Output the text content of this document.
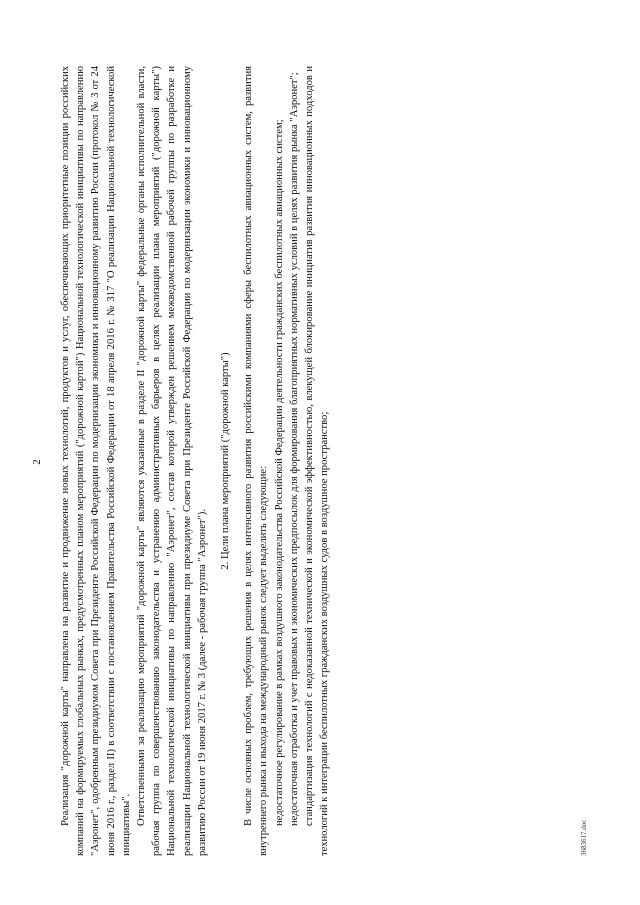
2 Реализация "дорожной карты" направлена на развитие и продвижение новых технологий, продуктов и услуг, обеспечивающих приоритетные позиции российских компаний на формируемых глобальных рынках, предусмотренных планом мероприятий ("дорожной картой") Национальной технологической инициативы по направлению "Аэронет", одобренным президиумом Совета при Президенте Российской Федерации по модернизации экономики и инновационному развитию России (протокол № 3 от 24 июня 2016 г., раздел II) в соответствии с постановлением Правительства Российской Федерации от 18 апреля 2016 г. № 317 "О реализации Национальной технологической инициативы". Ответственными за реализацию мероприятий "дорожной карты" являются указанные в разделе II "дорожной карты" федеральные органы исполнительной власти, рабочая группа по совершенствованию законодательства и устранению административных барьеров в целях реализации плана мероприятий ("дорожной карты") Национальной технологической инициативы по направлению "Аэронет", состав которой утвержден решением межведомственной рабочей группы по разработке и реализации Национальной технологической инициативы при президиуме Совета при Президенте Российской Федерации по модернизации экономики и инновационному развитию России от 19 июня 2017 г. № 3 (далее - рабочая группа "Аэронет").

2. Цели плана мероприятий ("дорожной карты") В числе основных проблем, требующих решения в целях интенсивного развития российскими компаниями сферы беспилотных авиационных систем, развития внутреннего рынка и выхода на международный рынок следует выделить следующие: недостаточное регулирование в рамках воздушного законодательства Российской Федерации деятельности гражданских беспилотных авиационных систем; недостаточная отработка и учет правовых и экономических предпосылок для формирования благоприятных нормативных условий в целях развития рынка "Аэронет"; стандартизация технологий с недоказанной технической и экономической эффективностью, влекущей блокирование инициатив развития инновационных подходов и технологий к интеграции беспилотных гражданских воздушных судов в воздушное пространство;	3683617.doc
